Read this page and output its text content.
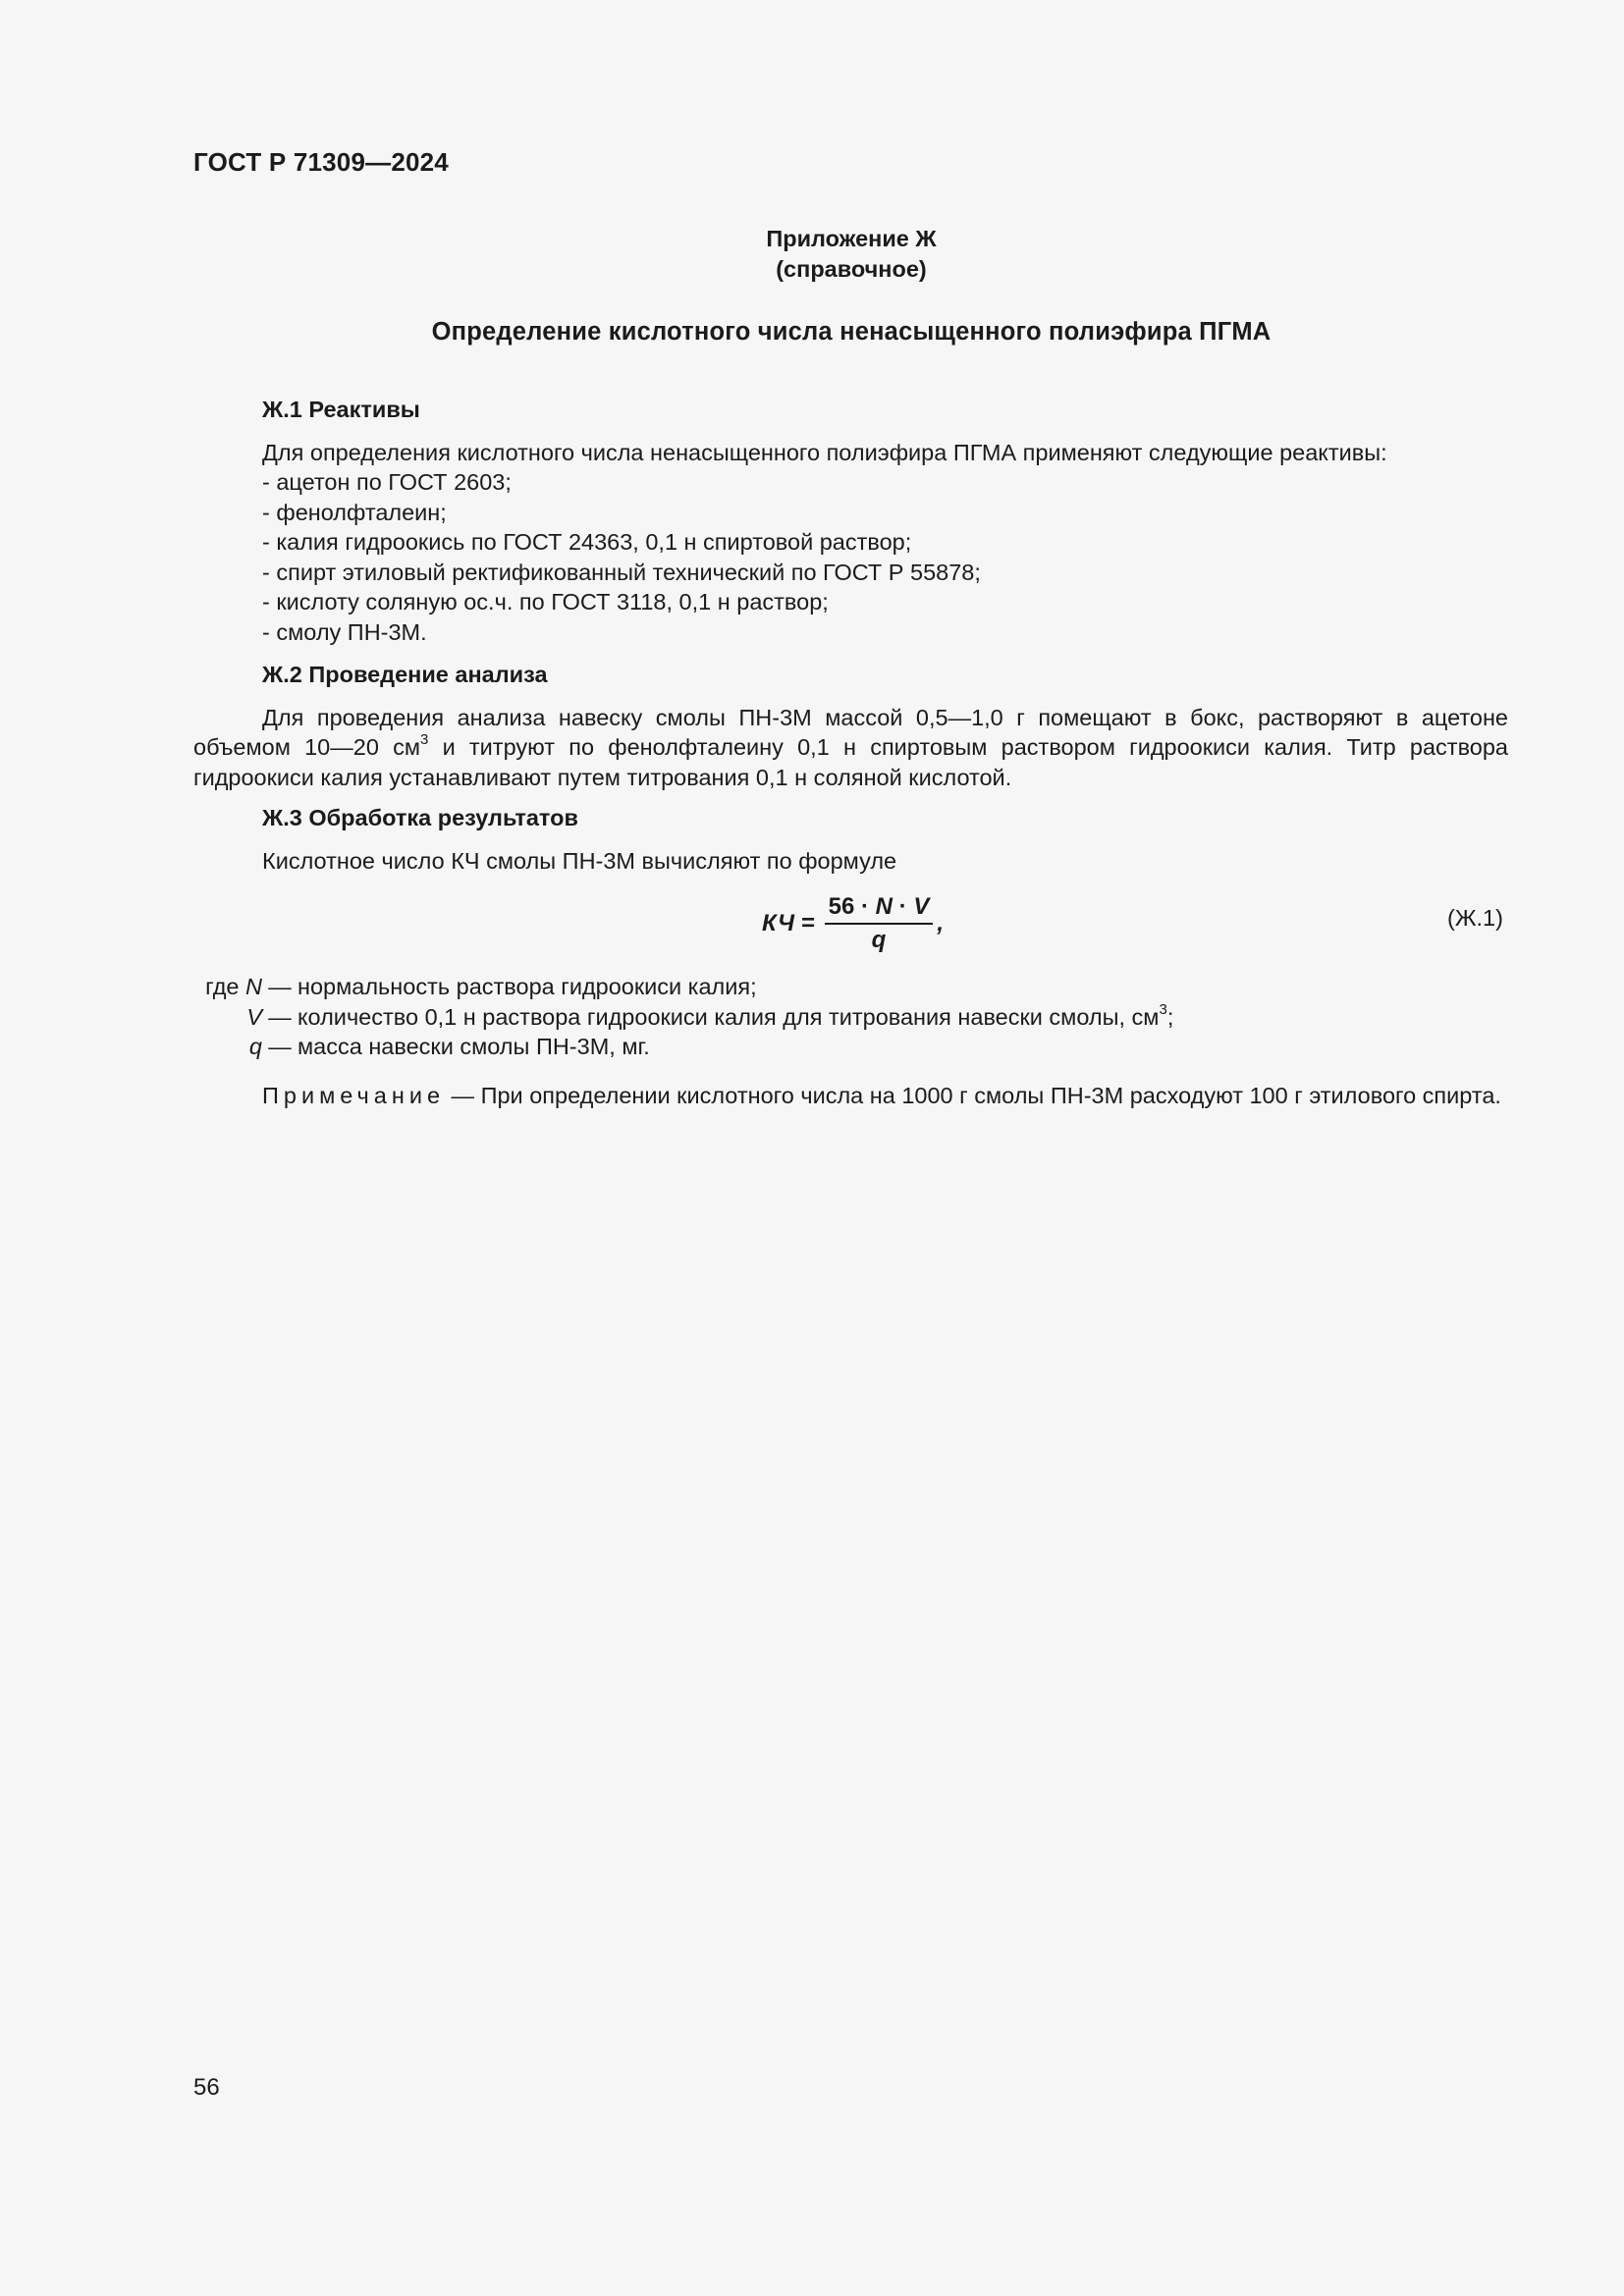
ГОСТ Р 71309—2024
Приложение Ж
(справочное)
Определение кислотного числа ненасыщенного полиэфира ПГМА
Ж.1 Реактивы
Для определения кислотного числа ненасыщенного полиэфира ПГМА применяют следующие реактивы:
- ацетон по ГОСТ 2603;
- фенолфталеин;
- калия гидроокись по ГОСТ 24363, 0,1 н спиртовой раствор;
- спирт этиловый ректификованный технический по ГОСТ Р 55878;
- кислоту соляную ос.ч. по ГОСТ 3118, 0,1 н раствор;
- смолу ПН-3М.
Ж.2 Проведение анализа
Для проведения анализа навеску смолы ПН-3М массой 0,5—1,0 г помещают в бокс, растворяют в ацетоне объемом 10—20 $см^3$ и титруют по фенолфталеину 0,1 н спиртовым раствором гидроокиси калия. Титр раствора гидроокиси калия устанавливают путем титрования 0,1 н соляной кислотой.
Ж.3 Обработка результатов
Кислотное число КЧ смолы ПН-3М вычисляют по формуле
КЧ = $\frac{56 \cdot N \cdot V}{q}$ ,	(Ж.1)
где N — нормальность раствора гидроокиси калия;
V — количество 0,1 н раствора гидроокиси калия для титрования навески смолы, $см^3$;
q — масса навески смолы ПН-3М, мг.
Примечание — При определении кислотного числа на 1000 г смолы ПН-3М расходуют 100 г этилового спирта.
56
